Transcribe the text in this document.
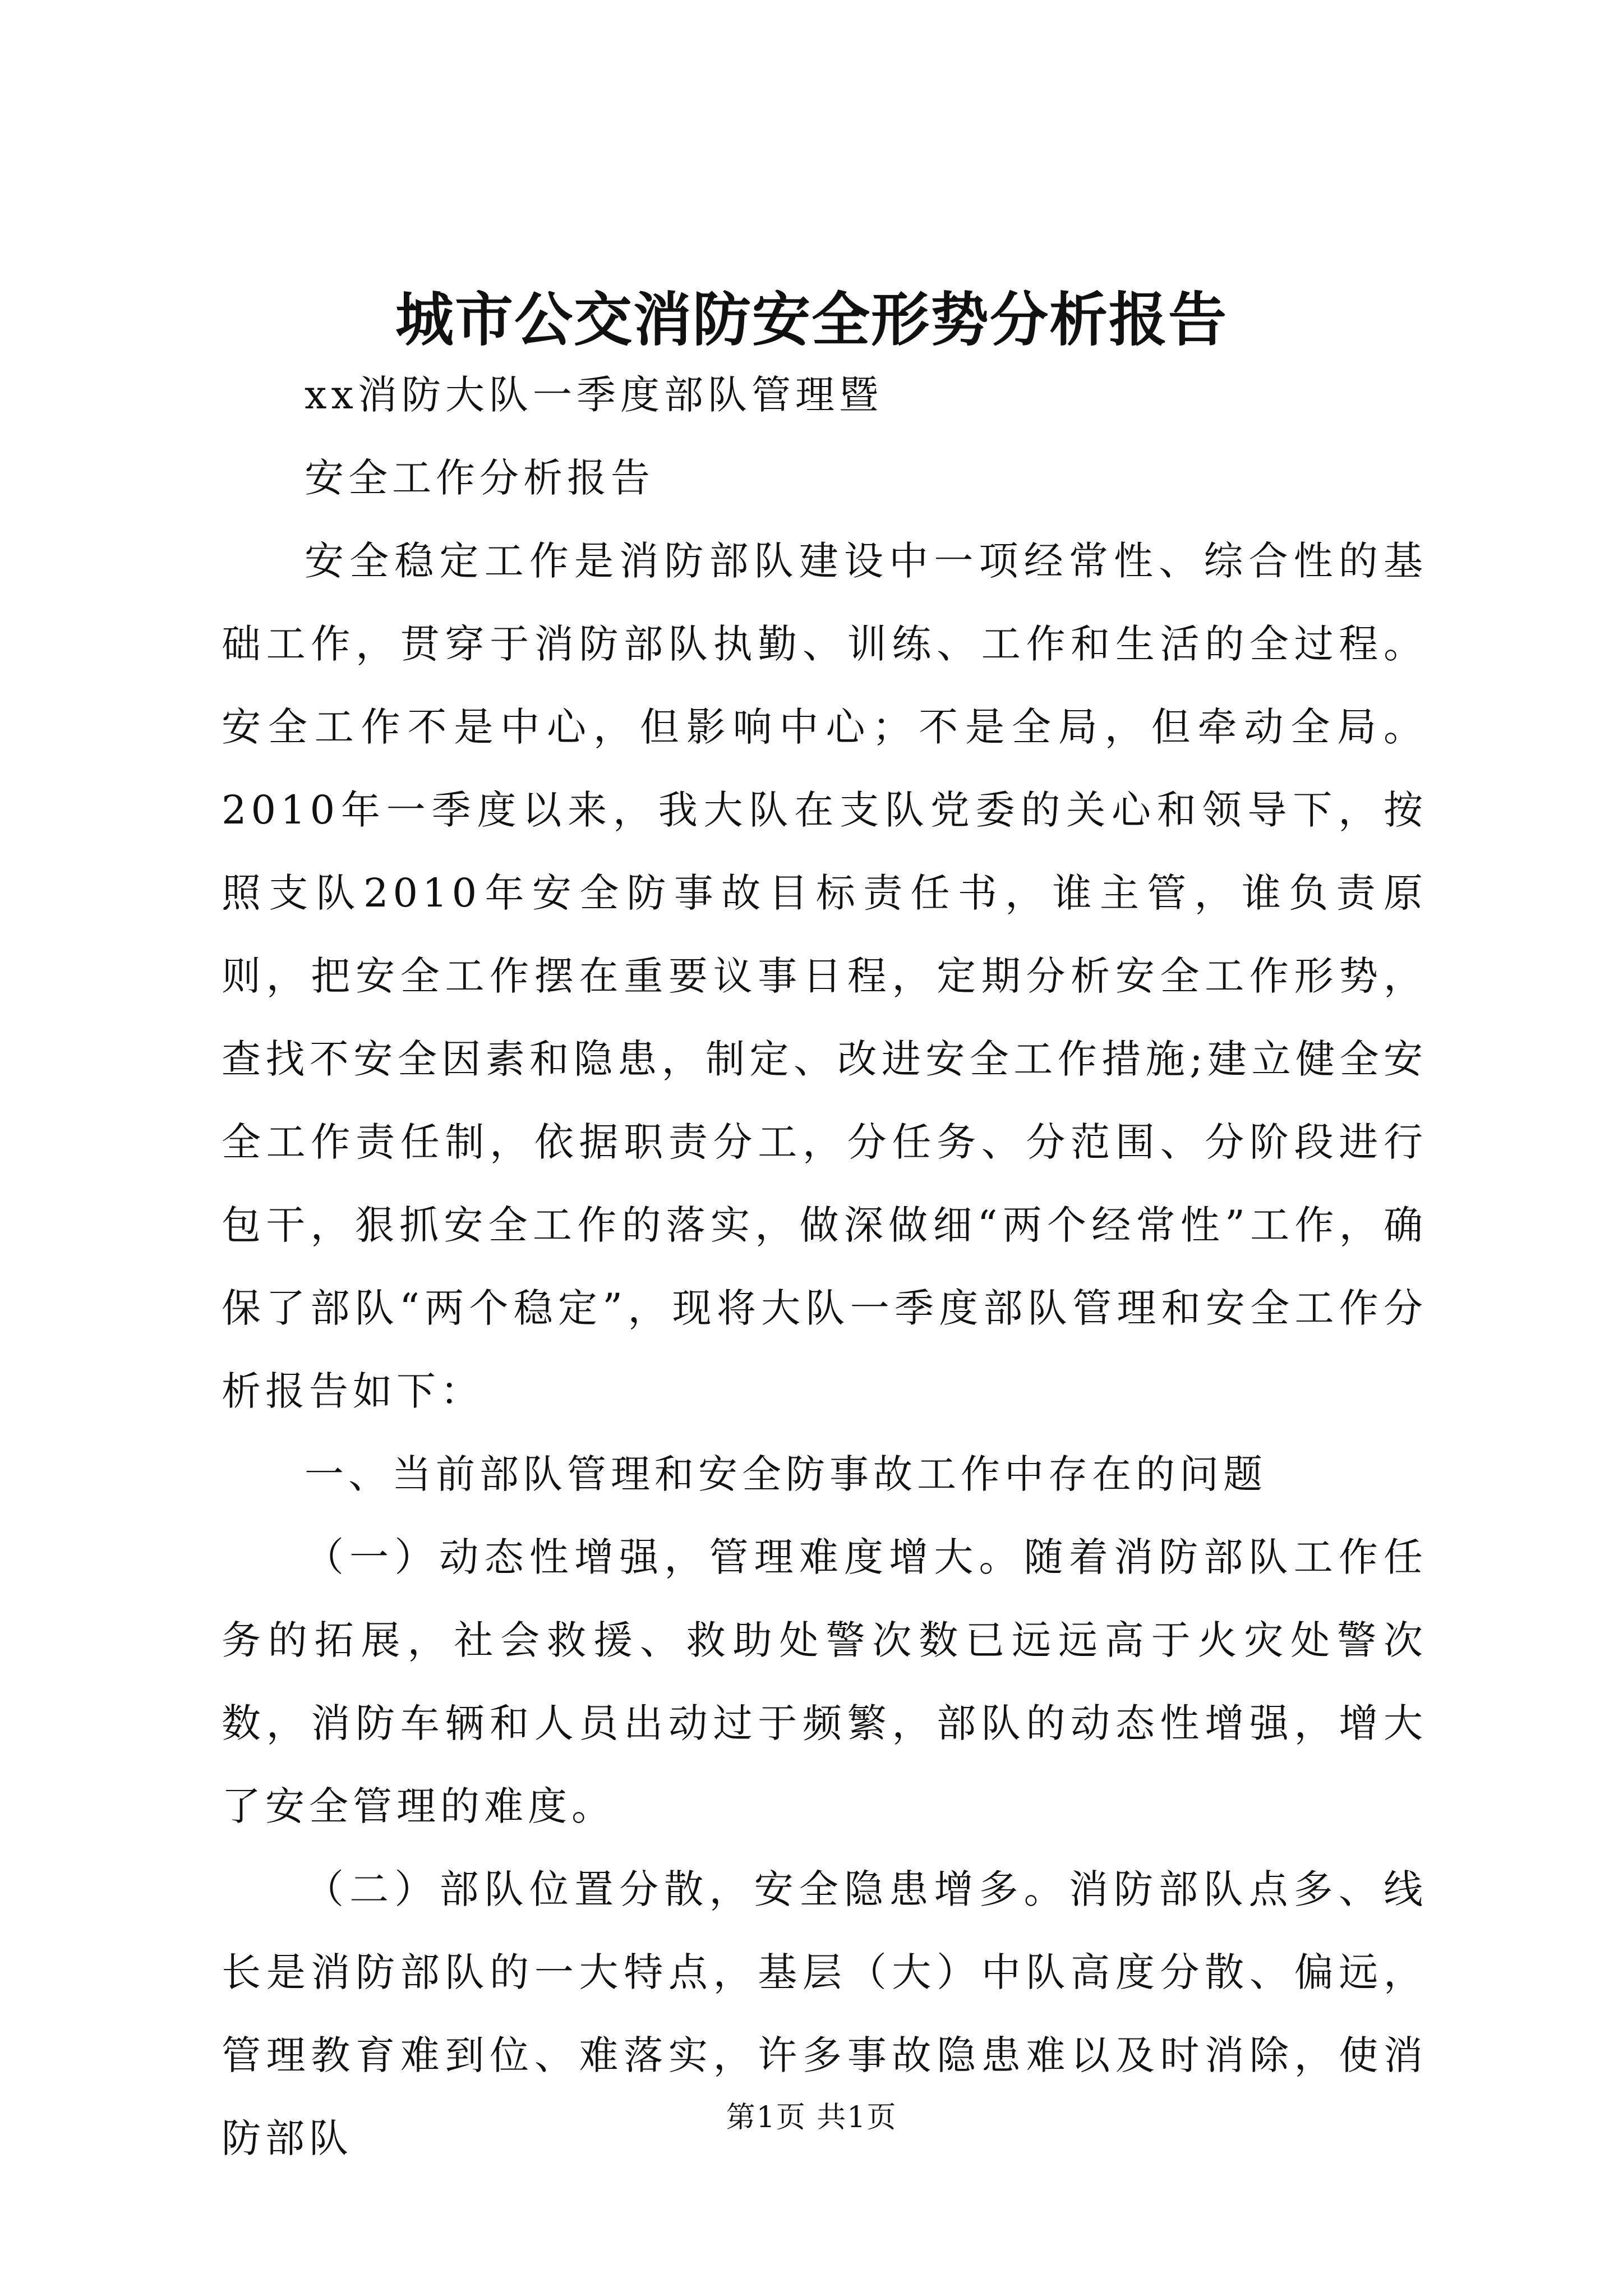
城市公交消防安全形势分析报告

xx消防大队一季度部队管理暨

安全工作分析报告

安全稳定工作是消防部队建设中一项经常性、综合性的基础工作，贯穿于消防部队执勤、训练、工作和生活的全过程。安全工作不是中心，但影响中心；不是全局，但牵动全局。2010年一季度以来，我大队在支队党委的关心和领导下，按照支队2010年安全防事故目标责任书，谁主管，谁负责原则，把安全工作摆在重要议事日程，定期分析安全工作形势，查找不安全因素和隐患，制定、改进安全工作措施;建立健全安全工作责任制，依据职责分工，分任务、分范围、分阶段进行包干，狠抓安全工作的落实，做深做细“两个经常性”工作，确保了部队“两个稳定”，现将大队一季度部队管理和安全工作分析报告如下：

一、当前部队管理和安全防事故工作中存在的问题

（一）动态性增强，管理难度增大。随着消防部队工作任务的拓展，社会救援、救助处警次数已远远高于火灾处警次数，消防车辆和人员出动过于频繁，部队的动态性增强，增大了安全管理的难度。

（二）部队位置分散，安全隐患增多。消防部队点多、线长是消防部队的一大特点，基层（大）中队高度分散、偏远，管理教育难到位、难落实，许多事故隐患难以及时消除，使消防部队	第1页 共1页
